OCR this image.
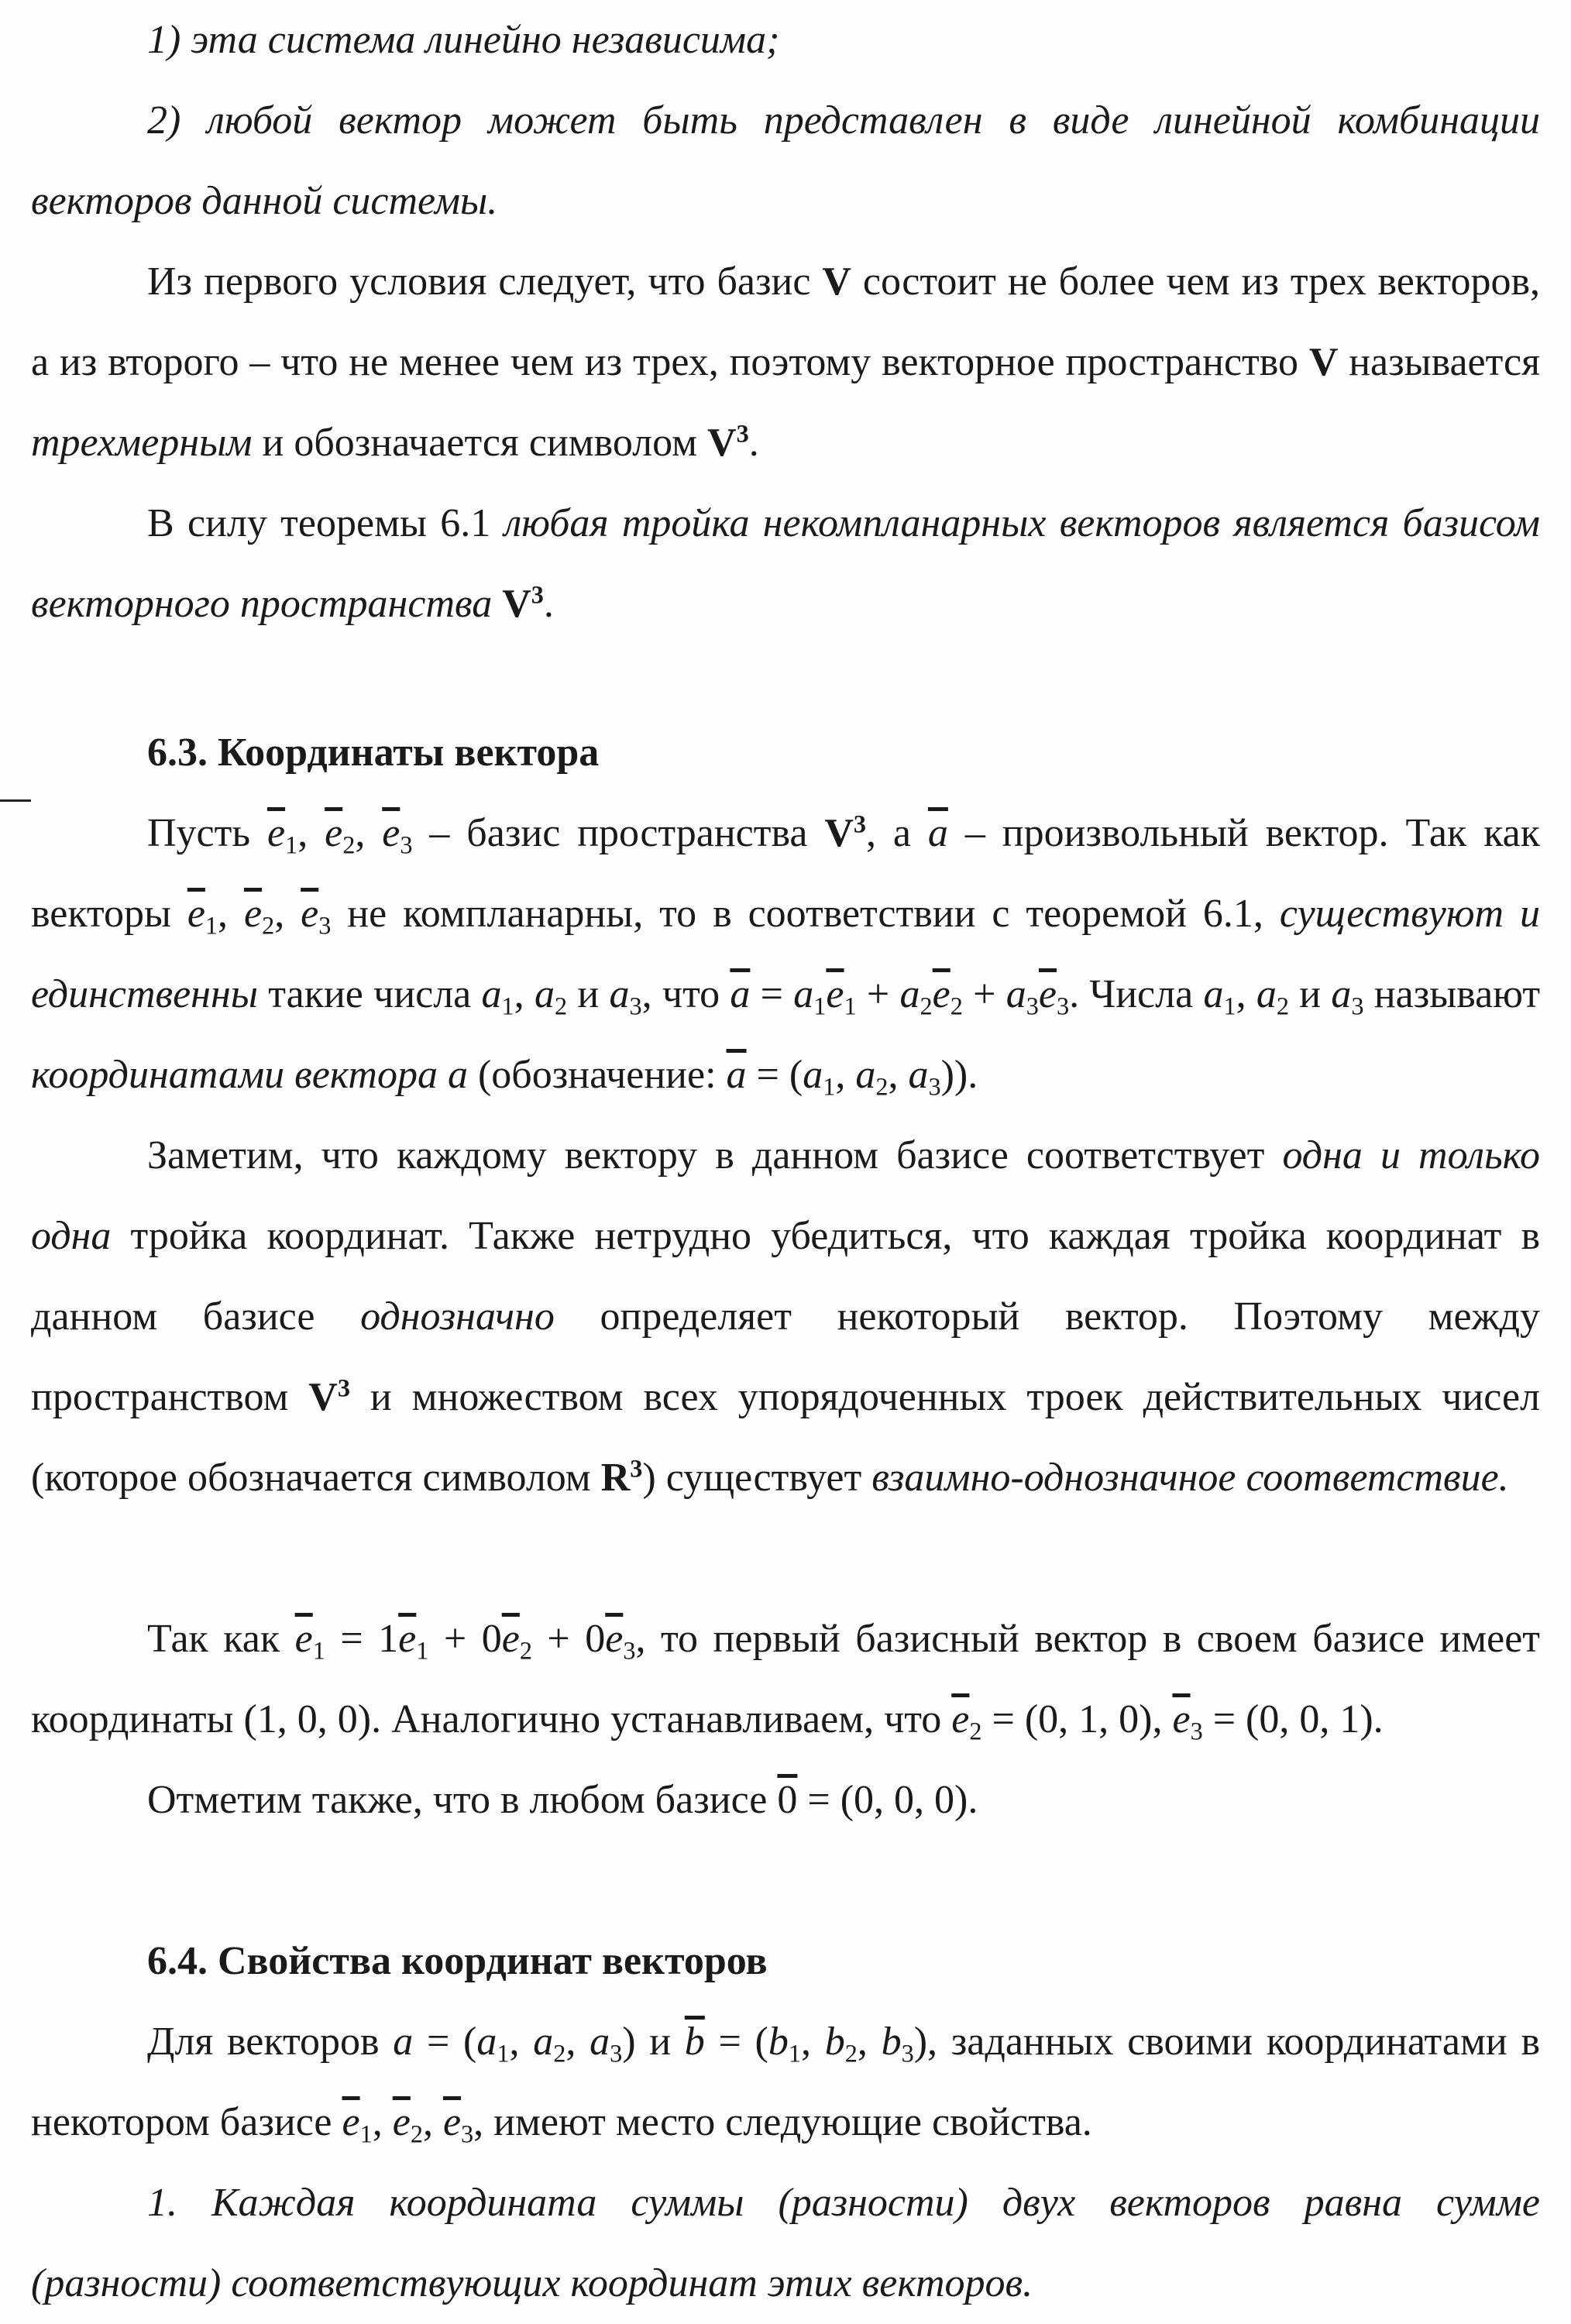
1) эта система линейно независима;

2) любой вектор может быть представлен в виде линейной комбинации векторов данной системы.

Из первого условия следует, что базис V состоит не более чем из трех векторов, а из второго – что не менее чем из трех, поэтому векторное пространство V называется трехмерным и обозначается символом $V^3$.

В силу теоремы 6.1 любая тройка некомпланарных векторов является базисом векторного пространства $V^3$.

6.3. Координаты вектора

Пусть $\overline{e}_1$, $\overline{e}_2$, $\overline{e}_3$ – базис пространства $V^3$, а $\overline{a}$ – произвольный вектор. Так как векторы $\overline{e}_1$, $\overline{e}_2$, $\overline{e}_3$ не компланарны, то в соответствии с теоремой 6.1, существуют и единственны такие числа $a_1$, $a_2$ и $a_3$, что $\overline{a} = a_1\overline{e}_1 + a_2\overline{e}_2 + a_3\overline{e}_3$. Числа $a_1$, $a_2$ и $a_3$ называют координатами вектора a (обозначение: $\overline{a} = (a_1$, $a_2$, $a_3$)).

Заметим, что каждому вектору в данном базисе соответствует одна и только одна тройка координат. Также нетрудно убедиться, что каждая тройка координат в данном базисе однозначно определяет некоторый вектор. Поэтому между пространством $V^3$ и множеством всех упорядоченных троек действительных чисел (которое обозначается символом $R^3$) существует взаимно-однозначное соответствие.

Так как $\overline{e}_1 = 1\overline{e}_1 + 0\overline{e}_2 + 0\overline{e}_3$, то первый базисный вектор в своем базисе имеет координаты (1, 0, 0). Аналогично устанавливаем, что $\overline{e}_2 = (0$, 1, 0), $\overline{e}_3 = (0$, 0, 1).

Отметим также, что в любом базисе 0 = (0, 0, 0).

6.4. Свойства координат векторов

Для векторов $a = (a_1$, $a_2$, $a_3$) и $\overline{b} = (b_1$, $b_2$, $b_3$), заданных своими координатами в некотором базисе $\overline{e}_1$, $\overline{e}_2$, $\overline{e}_3$, имеют место следующие свойства.

1. Каждая координата суммы (разности) двух векторов равна сумме (разности) соответствующих координат этих векторов.
